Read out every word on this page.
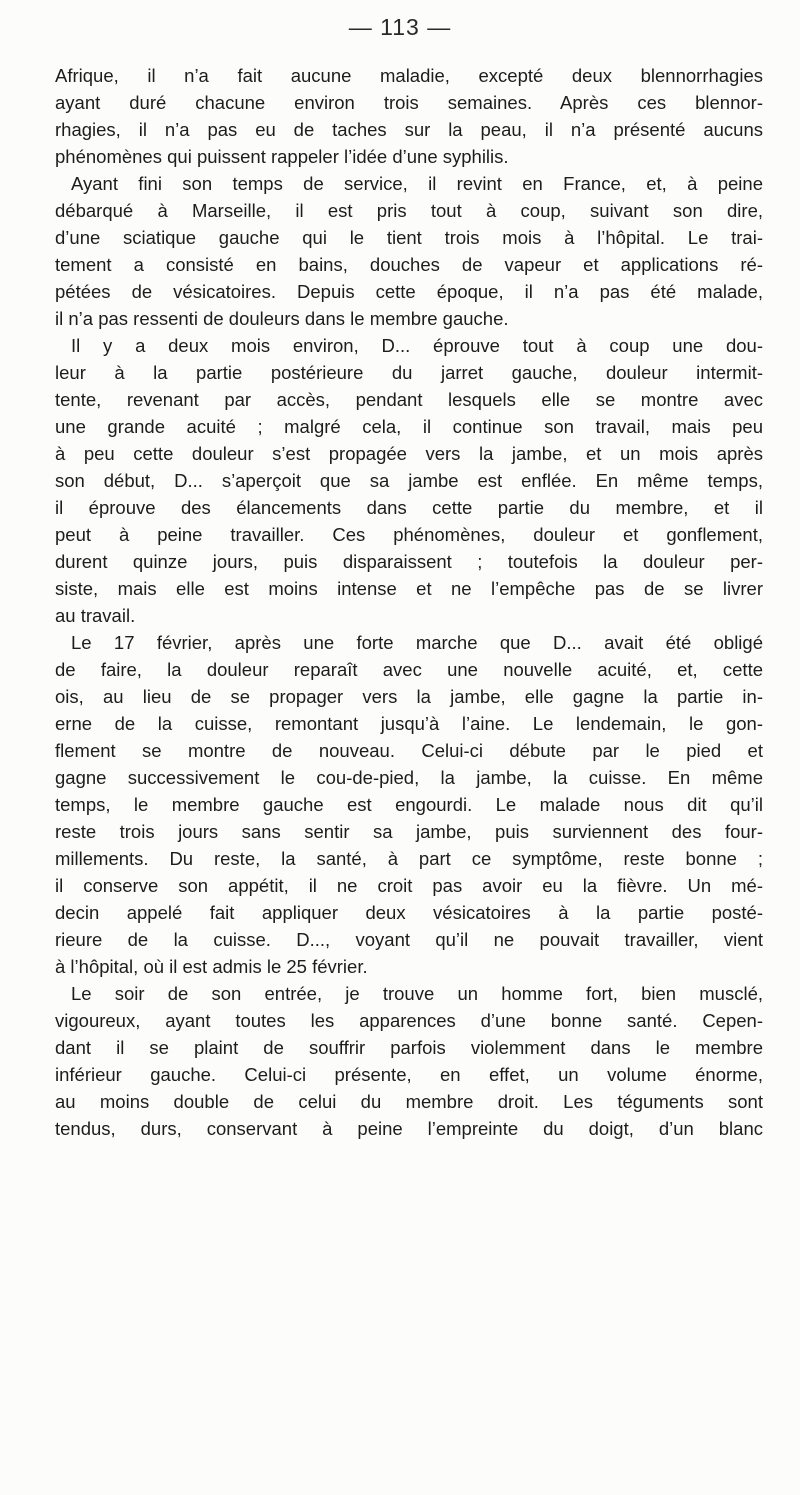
— 113 —
Afrique, il n’a fait aucune maladie, excepté deux blennorrhagies
ayant duré chacune environ trois semaines. Après ces blennor-
rhagies, il n’a pas eu de taches sur la peau, il n’a présenté aucuns
phénomènes qui puissent rappeler l’idée d’une syphilis.
Ayant fini son temps de service, il revint en France, et, à peine
débarqué à Marseille, il est pris tout à coup, suivant son dire,
d’une sciatique gauche qui le tient trois mois à l’hôpital. Le trai-
tement a consisté en bains, douches de vapeur et applications ré-
pétées de vésicatoires. Depuis cette époque, il n’a pas été malade,
il n’a pas ressenti de douleurs dans le membre gauche.
Il y a deux mois environ, D... éprouve tout à coup une dou-
leur à la partie postérieure du jarret gauche, douleur intermit-
tente, revenant par accès, pendant lesquels elle se montre avec
une grande acuité ; malgré cela, il continue son travail, mais peu
à peu cette douleur s’est propagée vers la jambe, et un mois après
son début, D... s’aperçoit que sa jambe est enflée. En même temps,
il éprouve des élancements dans cette partie du membre, et il
peut à peine travailler. Ces phénomènes, douleur et gonflement,
durent quinze jours, puis disparaissent ; toutefois la douleur per-
siste, mais elle est moins intense et ne l’empêche pas de se livrer
au travail.
Le 17 février, après une forte marche que D... avait été obligé
de faire, la douleur reparaît avec une nouvelle acuité, et, cette
ois, au lieu de se propager vers la jambe, elle gagne la partie in-
erne de la cuisse, remontant jusqu’à l’aine. Le lendemain, le gon-
flement se montre de nouveau. Celui-ci débute par le pied et
gagne successivement le cou-de-pied, la jambe, la cuisse. En même
temps, le membre gauche est engourdi. Le malade nous dit qu’il
reste trois jours sans sentir sa jambe, puis surviennent des four-
millements. Du reste, la santé, à part ce symptôme, reste bonne ;
il conserve son appétit, il ne croit pas avoir eu la fièvre. Un mé-
decin appelé fait appliquer deux vésicatoires à la partie posté-
rieure de la cuisse. D..., voyant qu’il ne pouvait travailler, vient
à l’hôpital, où il est admis le 25 février.
Le soir de son entrée, je trouve un homme fort, bien musclé,
vigoureux, ayant toutes les apparences d’une bonne santé. Cepen-
dant il se plaint de souffrir parfois violemment dans le membre
inférieur gauche. Celui-ci présente, en effet, un volume énorme,
au moins double de celui du membre droit. Les téguments sont
tendus, durs, conservant à peine l’empreinte du doigt, d’un blanc
